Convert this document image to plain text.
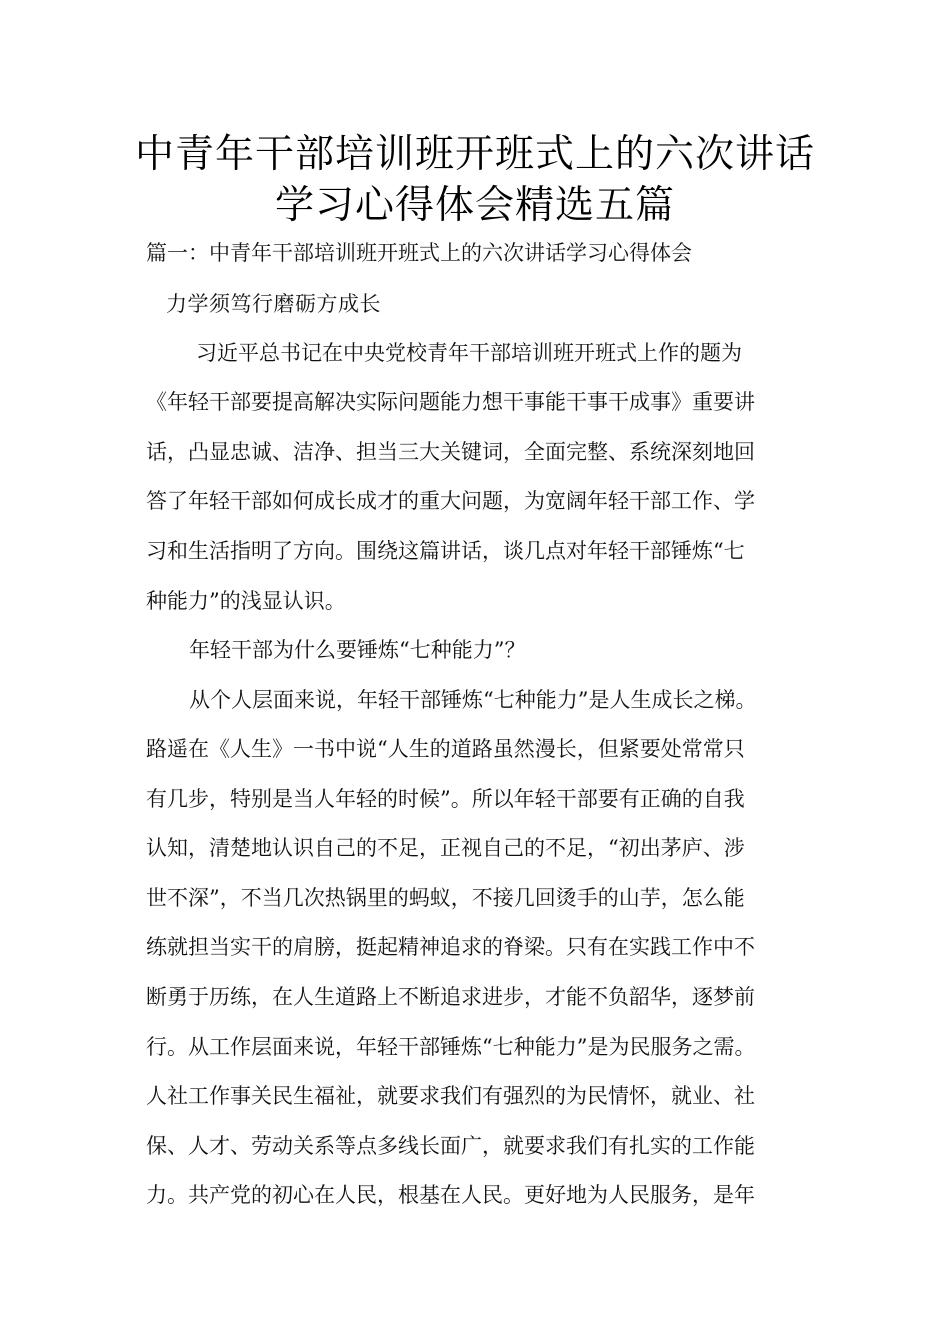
中青年干部培训班开班式上的六次讲话
学习心得体会精选五篇
篇一：中青年干部培训班开班式上的六次讲话学习心得体会
力学须笃行磨砺方成长
习近平总书记在中央党校青年干部培训班开班式上作的题为
《年轻干部要提高解决实际问题能力想干事能干事干成事》重要讲
话，凸显忠诚、洁净、担当三大关键词，全面完整、系统深刻地回
答了年轻干部如何成长成才的重大问题，为宽阔年轻干部工作、学
习和生活指明了方向。围绕这篇讲话，谈几点对年轻干部锤炼“七
种能力”的浅显认识。
年轻干部为什么要锤炼“七种能力”？
从个人层面来说，年轻干部锤炼“七种能力”是人生成长之梯。
路遥在《人生》一书中说“人生的道路虽然漫长，但紧要处常常只
有几步，特别是当人年轻的时候”。所以年轻干部要有正确的自我
认知，清楚地认识自己的不足，正视自己的不足，“初出茅庐、涉
世不深”，不当几次热锅里的蚂蚁，不接几回烫手的山芋，怎么能
练就担当实干的肩膀，挺起精神追求的脊梁。只有在实践工作中不
断勇于历练，在人生道路上不断追求进步，才能不负韶华，逐梦前
行。从工作层面来说，年轻干部锤炼“七种能力”是为民服务之需。
人社工作事关民生福祉，就要求我们有强烈的为民情怀，就业、社
保、人才、劳动关系等点多线长面广，就要求我们有扎实的工作能
力。共产党的初心在人民，根基在人民。更好地为人民服务，是年
